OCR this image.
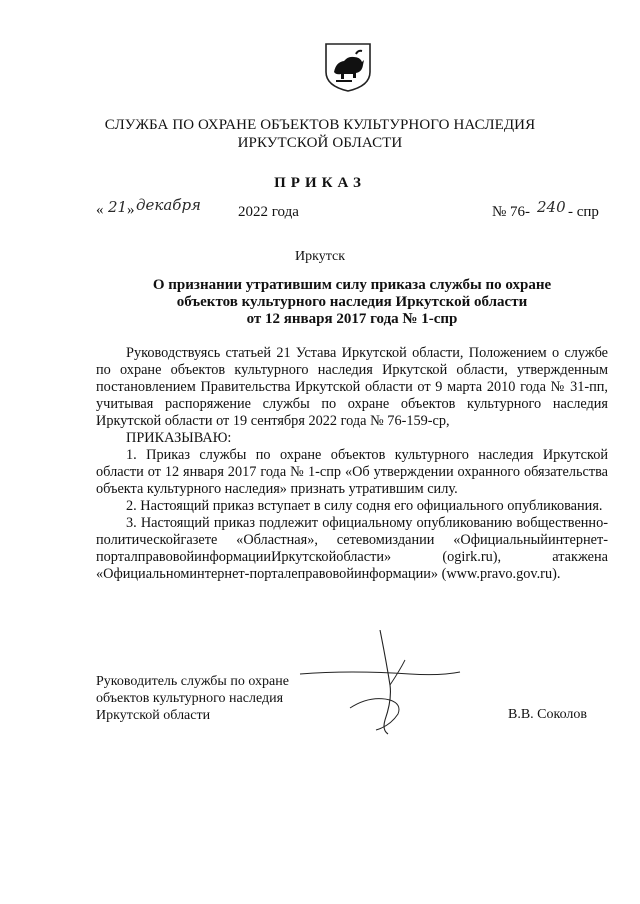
СЛУЖБА ПО ОХРАНЕ ОБЪЕКТОВ КУЛЬТУРНОГО НАСЛЕДИЯ
ИРКУТСКОЙ ОБЛАСТИ
ПРИКАЗ
« 21 » декабря 2022 года	№ 76- 240 - спр
Иркутск
О признании утратившим силу приказа службы по охране
объектов культурного наследия Иркутской области
от 12 января 2017 года № 1-спр

Руководствуясь статьей 21 Устава Иркутской области, Положением о службе по охране объектов культурного наследия Иркутской области, утвержденным постановлением Правительства Иркутской области от 9 марта 2010 года № 31-пп, учитывая распоряжение службы по охране объектов культурного наследия Иркутской области от 19 сентября 2022 года № 76-159-ср,

ПРИКАЗЫВАЮ:

1. Приказ службы по охране объектов культурного наследия Иркутской области от 12 января 2017 года № 1-спр «Об утверждении охранного обязательства объекта культурного наследия» признать утратившим силу.

2. Настоящий приказ вступает в силу содня его официального опубликования.

3. Настоящий приказ подлежит официальному опубликованию вобщественно-политическойгазете «Областная», сетевомиздании «Официальныйинтернет-порталправовойинформацииИркутскойобласти» (ogirk.ru), атакжена «Официальноминтернет-порталеправовойинформации» (www.pravo.gov.ru).

Руководитель службы по охране
объектов культурного наследия
Иркутской области	В.В. Соколов
